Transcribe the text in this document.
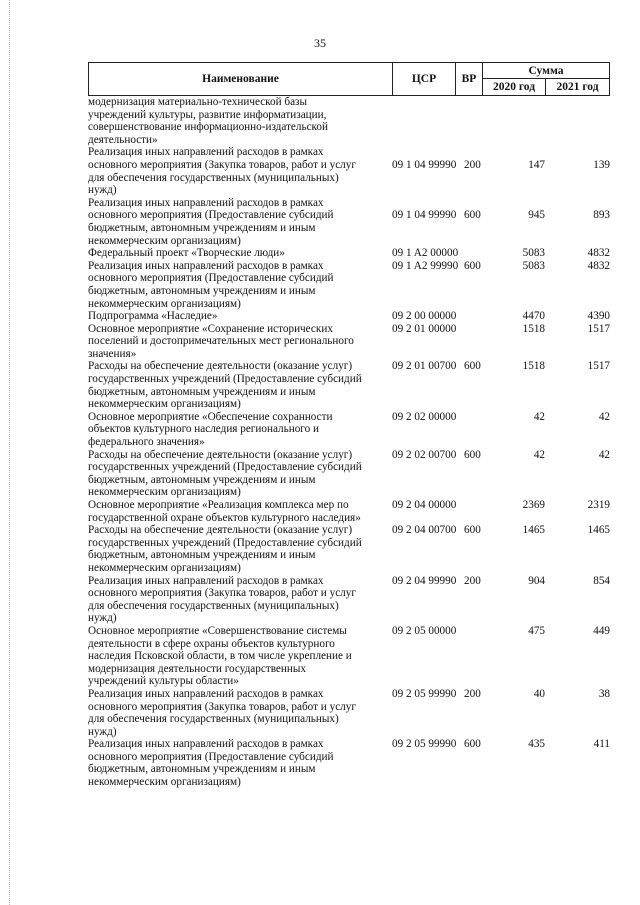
35
Наименование	ЦСР	ВР
Сумма
2020 год	2021 год
модернизация материально-технической базы
учреждений культуры, развитие информатизации,
совершенствование информационно-издательской
деятельности»
Реализация иных направлений расходов в рамках
основного мероприятия (Закупка товаров, работ и услуг
для обеспечения государственных (муниципальных)
нужд)
09 1 04 99990 200	147	139
Реализация иных направлений расходов в рамках
основного мероприятия (Предоставление субсидий
бюджетным, автономным учреждениям и иным
некоммерческим организациям)
09 1 04 99990 600	945	893
Федеральный проект «Творческие люди»	09 1 A2 00000	5083	4832
Реализация иных направлений расходов в рамках
основного мероприятия (Предоставление субсидий
бюджетным, автономным учреждениям и иным
некоммерческим организациям)
09 1 A2 99990 600	5083	4832
Подпрограмма «Наследие»	09 2 00 00000	4470	4390
Основное мероприятие «Сохранение исторических
поселений и достопримечательных мест регионального
значения»
09 2 01 00000	1518	1517
Расходы на обеспечение деятельности (оказание услуг)
государственных учреждений (Предоставление субсидий
бюджетным, автономным учреждениям и иным
некоммерческим организациям)
09 2 01 00700 600	1518	1517
Основное мероприятие «Обеспечение сохранности
объектов культурного наследия регионального и
федерального значения»
09 2 02 00000	42	42
Расходы на обеспечение деятельности (оказание услуг)
государственных учреждений (Предоставление субсидий
бюджетным, автономным учреждениям и иным
некоммерческим организациям)
09 2 02 00700 600	42	42
Основное мероприятие «Реализация комплекса мер по
государственной охране объектов культурного наследия»
09 2 04 00000	2369	2319
Расходы на обеспечение деятельности (оказание услуг)
государственных учреждений (Предоставление субсидий
бюджетным, автономным учреждениям и иным
некоммерческим организациям)
09 2 04 00700 600	1465	1465
Реализация иных направлений расходов в рамках
основного мероприятия (Закупка товаров, работ и услуг
для обеспечения государственных (муниципальных)
нужд)
09 2 04 99990 200	904	854
Основное мероприятие «Совершенствование системы
деятельности в сфере охраны объектов культурного
наследия Псковской области, в том числе укрепление и
модернизация деятельности государственных
учреждений культуры области»
09 2 05 00000	475	449
Реализация иных направлений расходов в рамках
основного мероприятия (Закупка товаров, работ и услуг
для обеспечения государственных (муниципальных)
нужд)
09 2 05 99990 200	40	38
Реализация иных направлений расходов в рамках
основного мероприятия (Предоставление субсидий
бюджетным, автономным учреждениям и иным
некоммерческим организациям)
09 2 05 99990 600	435	411
